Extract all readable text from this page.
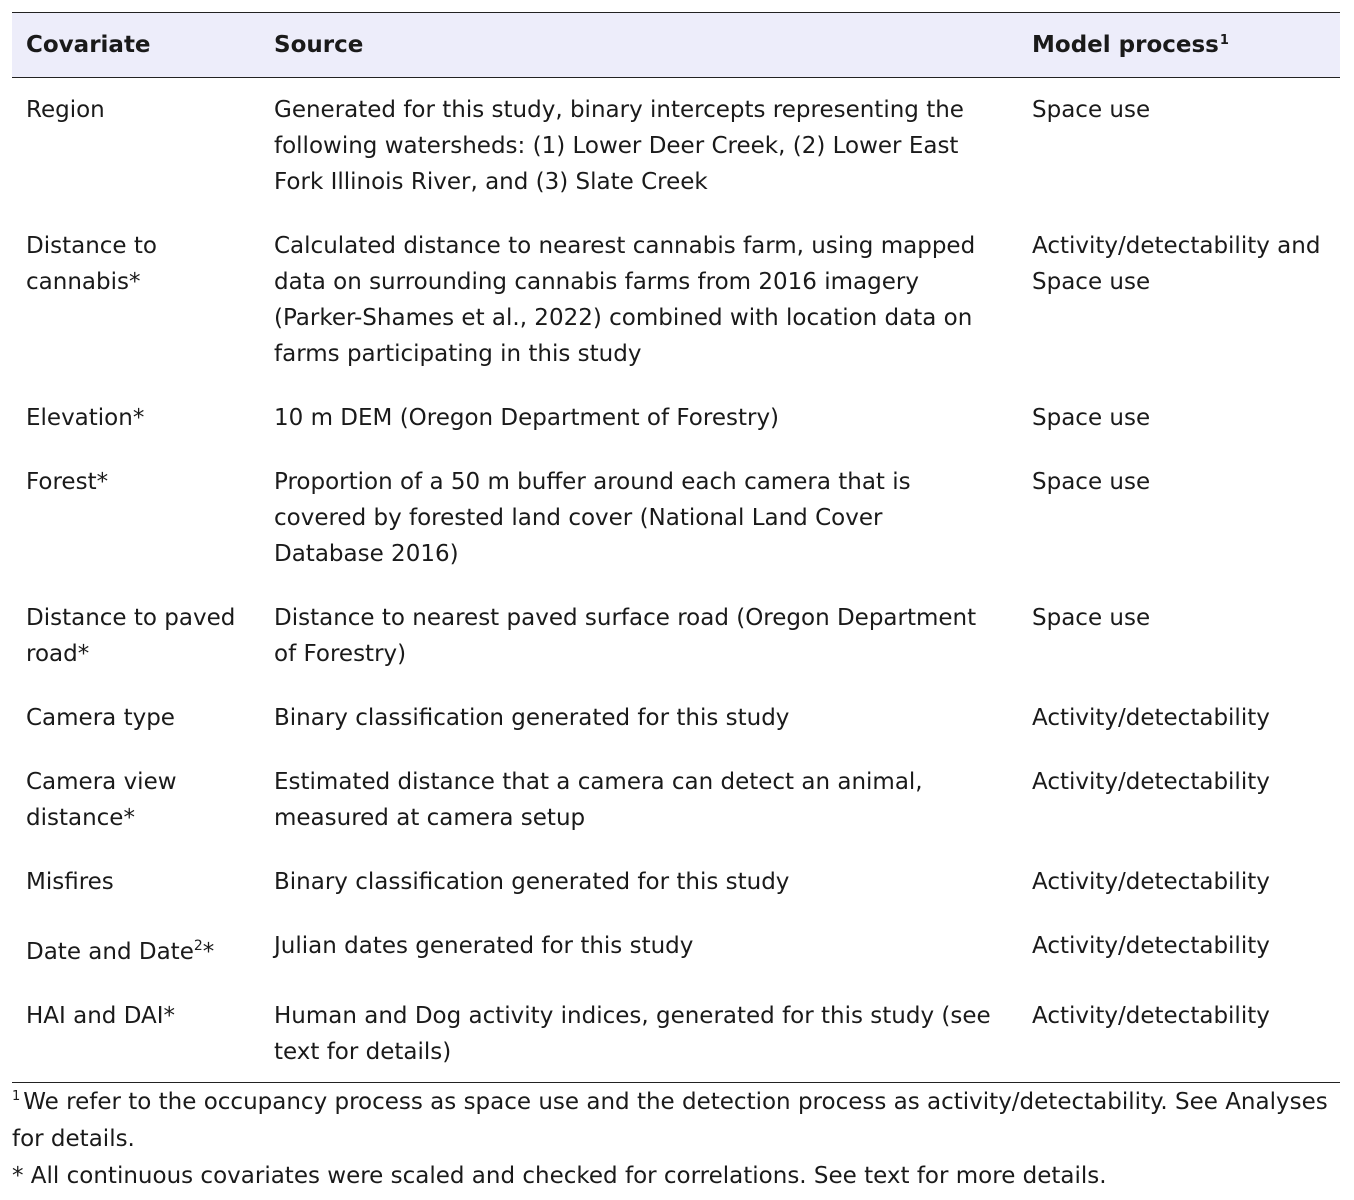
Covariate	Source	Model process$^1$
Region	Generated for this study, binary intercepts representing the following watersheds: (1) Lower Deer Creek, (2) Lower East Fork Illinois River, and (3) Slate Creek	Space use
Distance to cannabis*	Calculated distance to nearest cannabis farm, using mapped data on surrounding cannabis farms from 2016 imagery (Parker-Shames et al., 2022) combined with location data on farms participating in this study	Activity/detectability and Space use
Elevation*	10 m DEM (Oregon Department of Forestry)	Space use
Forest*	Proportion of a 50 m buffer around each camera that is covered by forested land cover (National Land Cover Database 2016)	Space use
Distance to paved road*	Distance to nearest paved surface road (Oregon Department of Forestry)	Space use
Camera type	Binary classification generated for this study	Activity/detectability
Camera view distance*	Estimated distance that a camera can detect an animal, measured at camera setup	Activity/detectability
Misfires	Binary classification generated for this study	Activity/detectability
Date and Date$^2$*	Julian dates generated for this study	Activity/detectability
HAI and DAI*	Human and Dog activity indices, generated for this study (see text for details)	Activity/detectability

$^1$ We refer to the occupancy process as space use and the detection process as activity/detectability. See Analyses for details.

* All continuous covariates were scaled and checked for correlations. See text for more details.
